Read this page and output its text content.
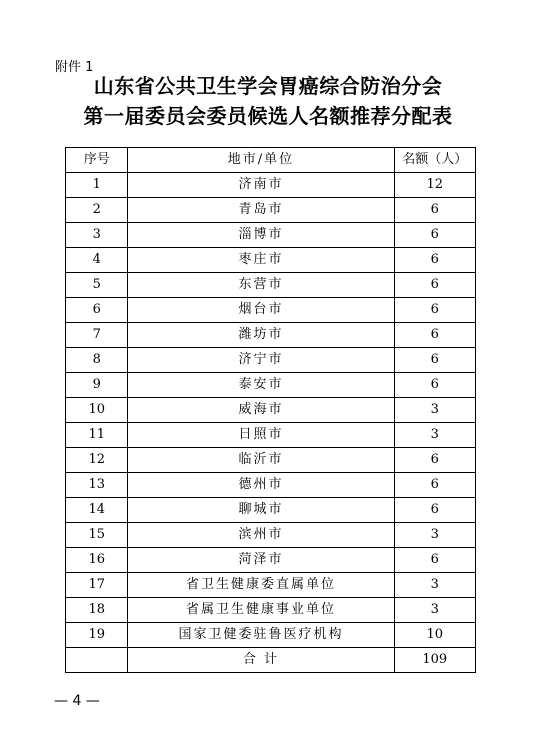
附件 1
山东省公共卫生学会胃癌综合防治分会
第一届委员会委员候选人名额推荐分配表
序号	地市/单位	名额（人）
1	济南市	12
2	青岛市	6
3	淄博市	6
4	枣庄市	6
5	东营市	6
6	烟台市	6
7	潍坊市	6
8	济宁市	6
9	泰安市	6
10	威海市	3
11	日照市	3
12	临沂市	6
13	德州市	6
14	聊城市	6
15	滨州市	3
16	菏泽市	6
17	省卫生健康委直属单位	3
18	省属卫生健康事业单位	3
19	国家卫健委驻鲁医疗机构	10
	合 计	109
— 4 —
